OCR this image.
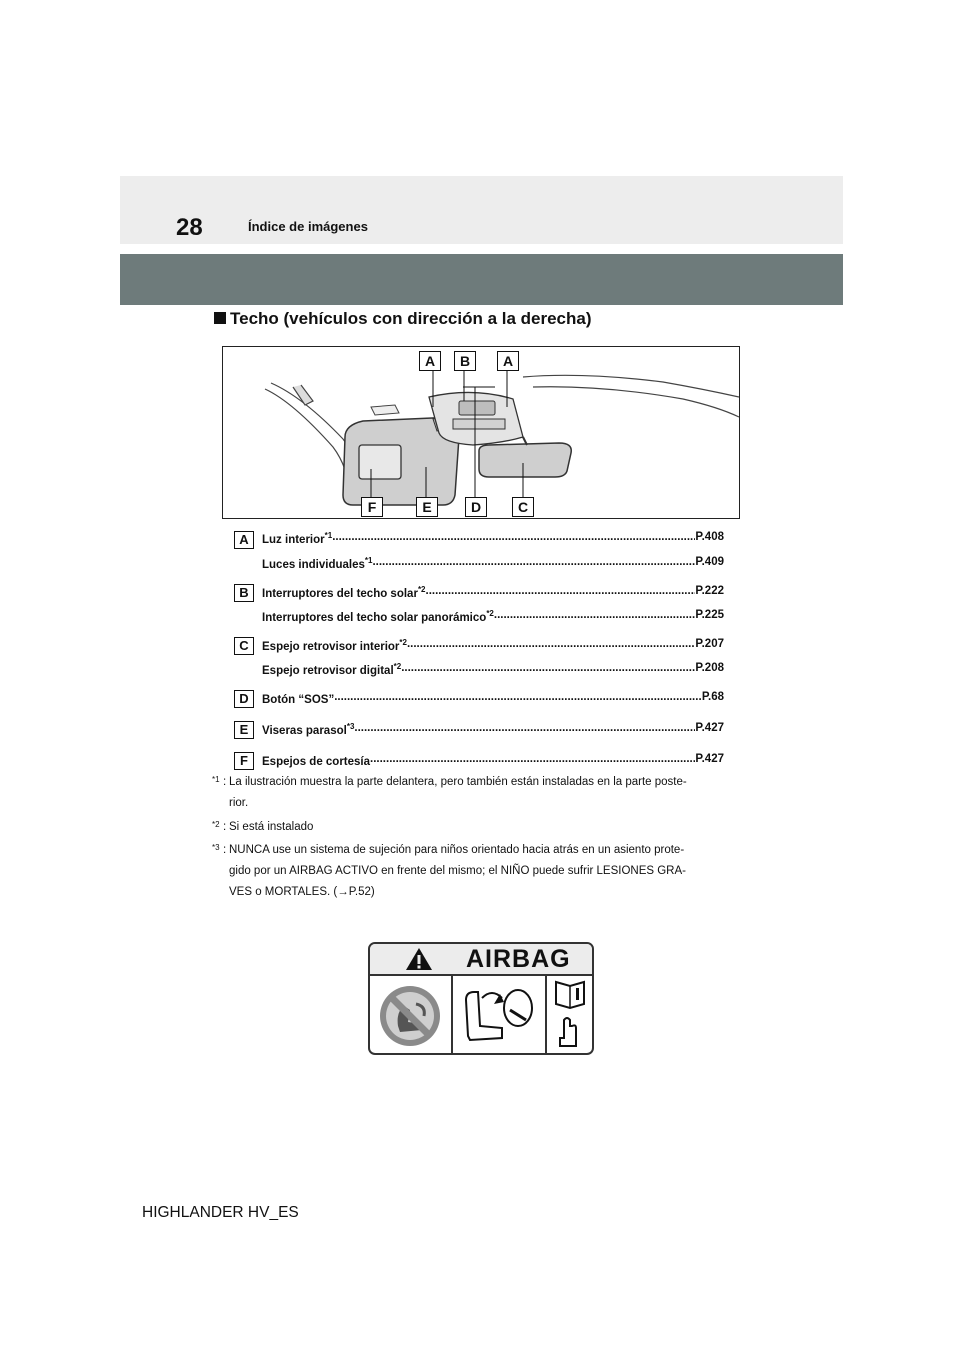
28	Índice de imágenes
Techo (vehículos con dirección a la derecha)
A	B	A
F	E	D	C
A	Luz interior$^{*1}$ .....	P.408
Luces individuales$^{*1}$ .....	P.409
B	Interruptores del techo solar$^{*2}$ .....	P.222
Interruptores del techo solar panorámico$^{*2}$ .....	P.225
C	Espejo retrovisor interior$^{*2}$ .....	P.207
Espejo retrovisor digital$^{*2}$ .....	P.208
D	Botón “SOS” .....	P.68
E	Viseras parasol$^{*3}$ .....	P.427
F	Espejos de cortesía .....	P.427
*1 : La ilustración muestra la parte delantera, pero también están instaladas en la parte poste-
rior.
*2 : Si está instalado
*3 : NUNCA use un sistema de sujeción para niños orientado hacia atrás en un asiento prote-
gido por un AIRBAG ACTIVO en frente del mismo; el NIÑO puede sufrir LESIONES GRA-
VES o MORTALES. (→P.52)
AIRBAG
HIGHLANDER HV_ES
